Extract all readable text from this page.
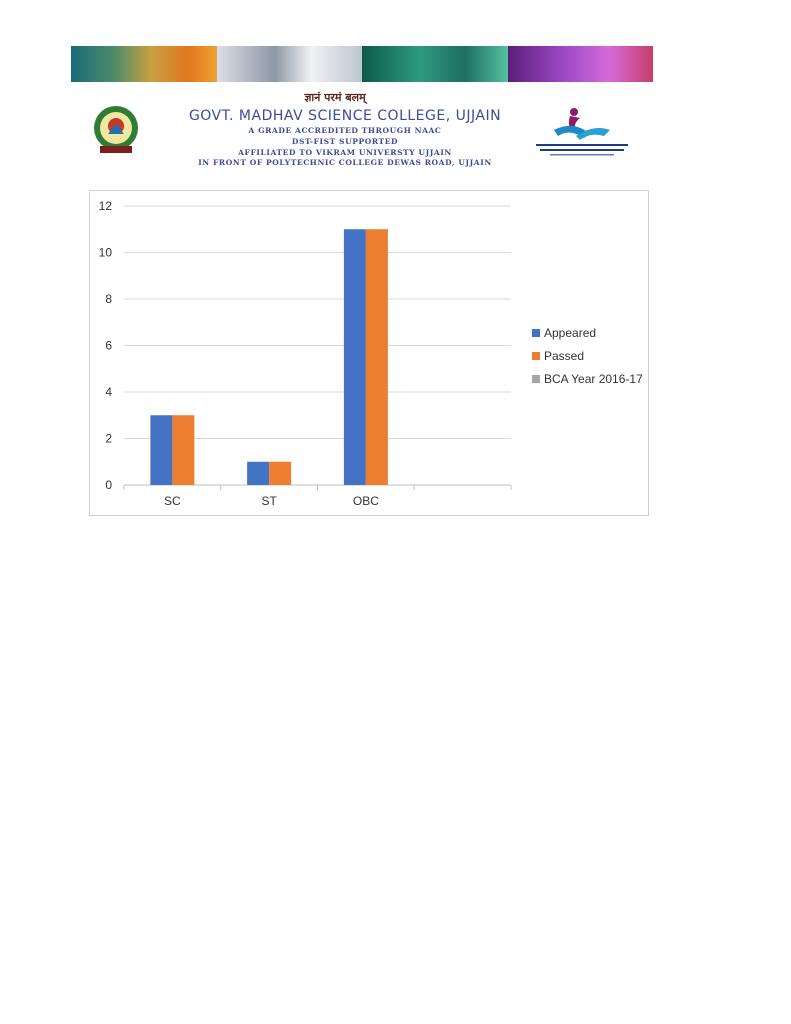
ज्ञानं परमं बलम्
GOVT. MADHAV SCIENCE COLLEGE, UJJAIN
A GRADE ACCREDITED THROUGH NAAC
DST-FIST SUPPORTED
AFFILIATED TO VIKRAM UNIVERSTY UJJAIN
IN FRONT OF POLYTECHNIC COLLEGE DEWAS ROAD, UJJAIN
0
2
4
6
8
10
12
SC	ST	OBC
Appeared
Passed
BCA Year 2016-17
